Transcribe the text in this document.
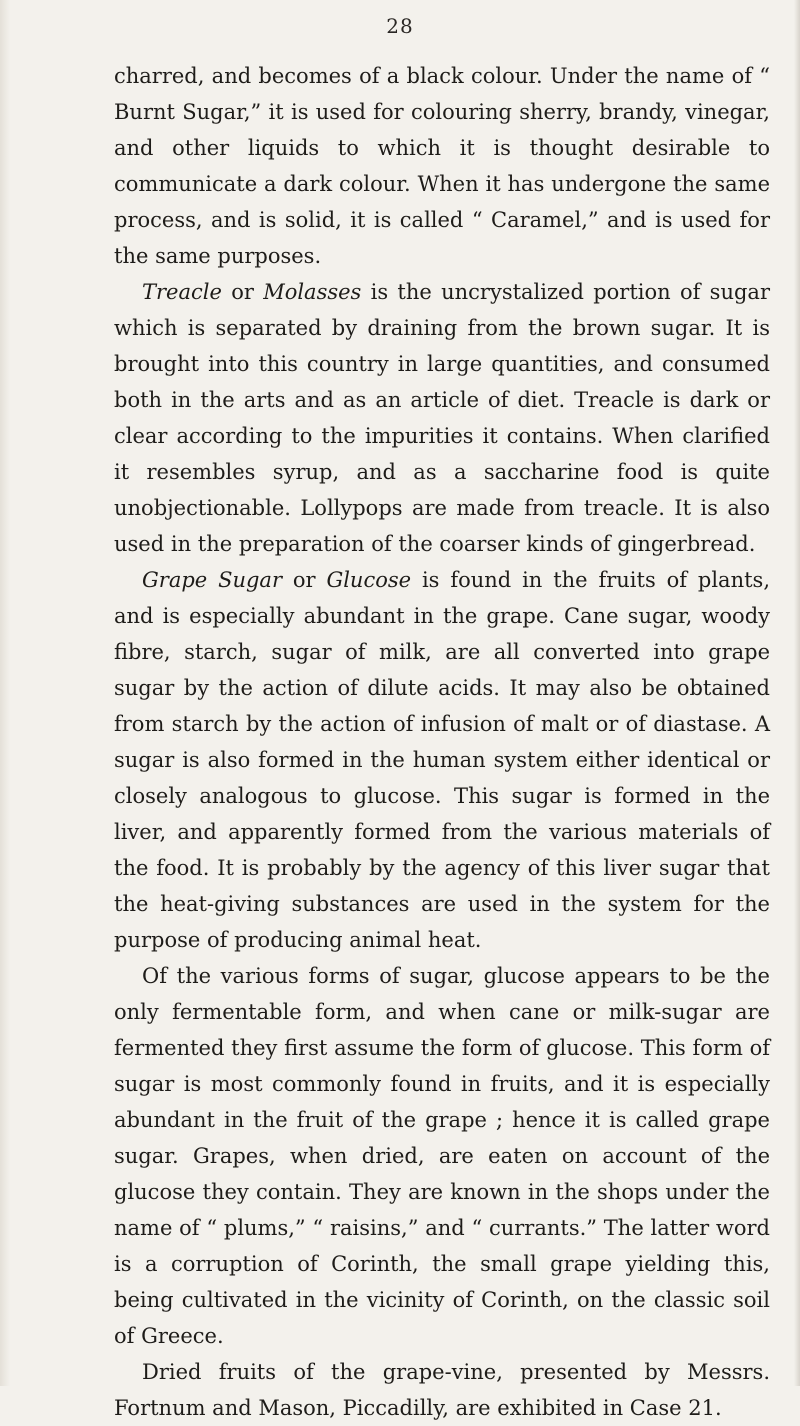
28

charred, and becomes of a black colour. Under the name of “ Burnt Sugar,” it is used for colouring sherry, brandy, vinegar, and other liquids to which it is thought desirable to communicate a dark colour. When it has undergone the same process, and is solid, it is called “ Caramel,” and is used for the same purposes.

Treacle or Molasses is the uncrystalized portion of sugar which is separated by draining from the brown sugar. It is brought into this country in large quantities, and consumed both in the arts and as an article of diet. Treacle is dark or clear according to the impurities it contains. When clarified it resembles syrup, and as a saccharine food is quite unobjectionable. Lollypops are made from treacle. It is also used in the preparation of the coarser kinds of gingerbread.

Grape Sugar or Glucose is found in the fruits of plants, and is especially abundant in the grape. Cane sugar, woody fibre, starch, sugar of milk, are all converted into grape sugar by the action of dilute acids. It may also be obtained from starch by the action of infusion of malt or of diastase. A sugar is also formed in the human system either identical or closely analogous to glucose. This sugar is formed in the liver, and apparently formed from the various materials of the food. It is probably by the agency of this liver sugar that the heat-giving substances are used in the system for the purpose of producing animal heat.

Of the various forms of sugar, glucose appears to be the only fermentable form, and when cane or milk-sugar are fermented they first assume the form of glucose. This form of sugar is most commonly found in fruits, and it is especially abundant in the fruit of the grape ; hence it is called grape sugar. Grapes, when dried, are eaten on account of the glucose they contain. They are known in the shops under the name of “ plums,” “ raisins,” and “ currants.” The latter word is a corruption of Corinth, the small grape yielding this, being cultivated in the vicinity of Corinth, on the classic soil of Greece.

Dried fruits of the grape-vine, presented by Messrs. Fortnum and Mason, Piccadilly, are exhibited in Case 21.
